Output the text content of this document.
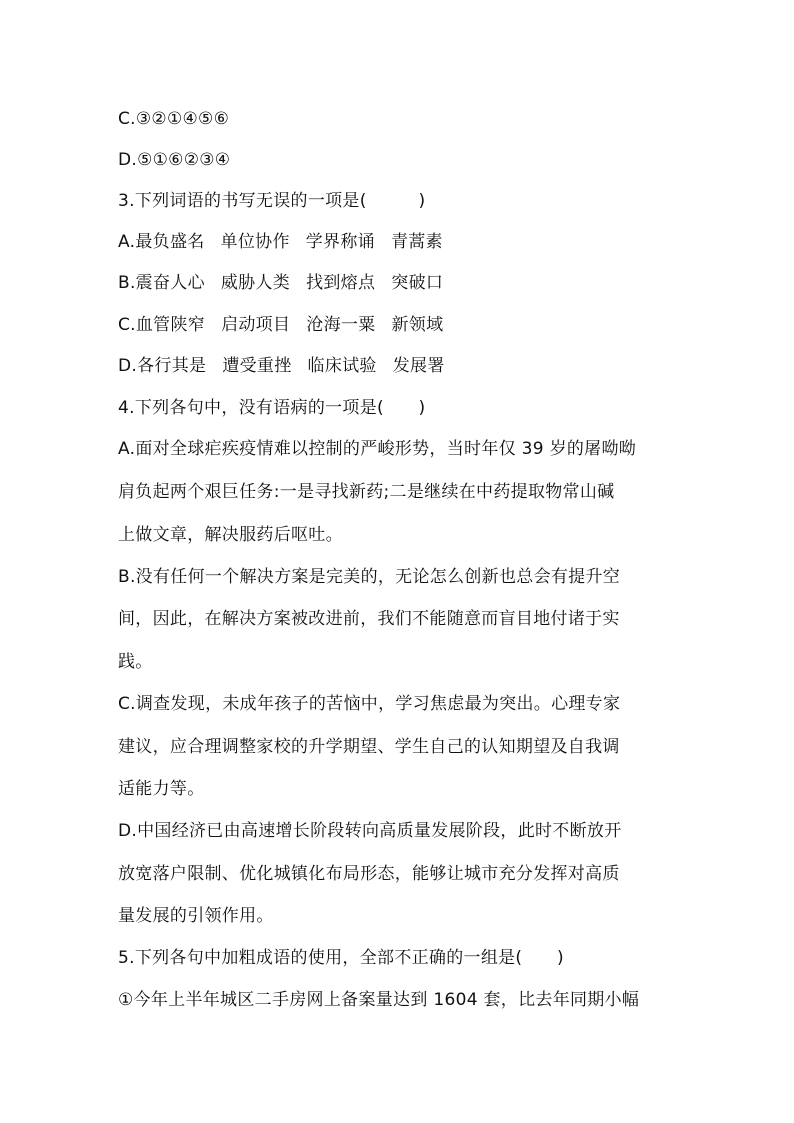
C.③②①④⑤⑥
D.⑤①⑥②③④
3.下列词语的书写无误的一项是(　　　)
A.最负盛名 单位协作 学界称诵 青蒿素
B.震奋人心 威胁人类 找到熔点 突破口
C.血管陕窄 启动项目 沧海一粟 新领域
D.各行其是 遭受重挫 临床试验 发展署
4.下列各句中，没有语病的一项是(　　)
A.面对全球疟疾疫情难以控制的严峻形势，当时年仅 39 岁的屠呦呦
肩负起两个艰巨任务:一是寻找新药;二是继续在中药提取物常山碱
上做文章，解决服药后呕吐。
B.没有任何一个解决方案是完美的，无论怎么创新也总会有提升空
间，因此，在解决方案被改进前，我们不能随意而盲目地付诸于实
践。
C.调查发现，未成年孩子的苦恼中，学习焦虑最为突出。心理专家
建议，应合理调整家校的升学期望、学生自己的认知期望及自我调
适能力等。
D.中国经济已由高速增长阶段转向高质量发展阶段，此时不断放开
放宽落户限制、优化城镇化布局形态，能够让城市充分发挥对高质
量发展的引领作用。
5.下列各句中加粗成语的使用，全部不正确的一组是(　　)
①今年上半年城区二手房网上备案量达到 1604 套，比去年同期小幅
